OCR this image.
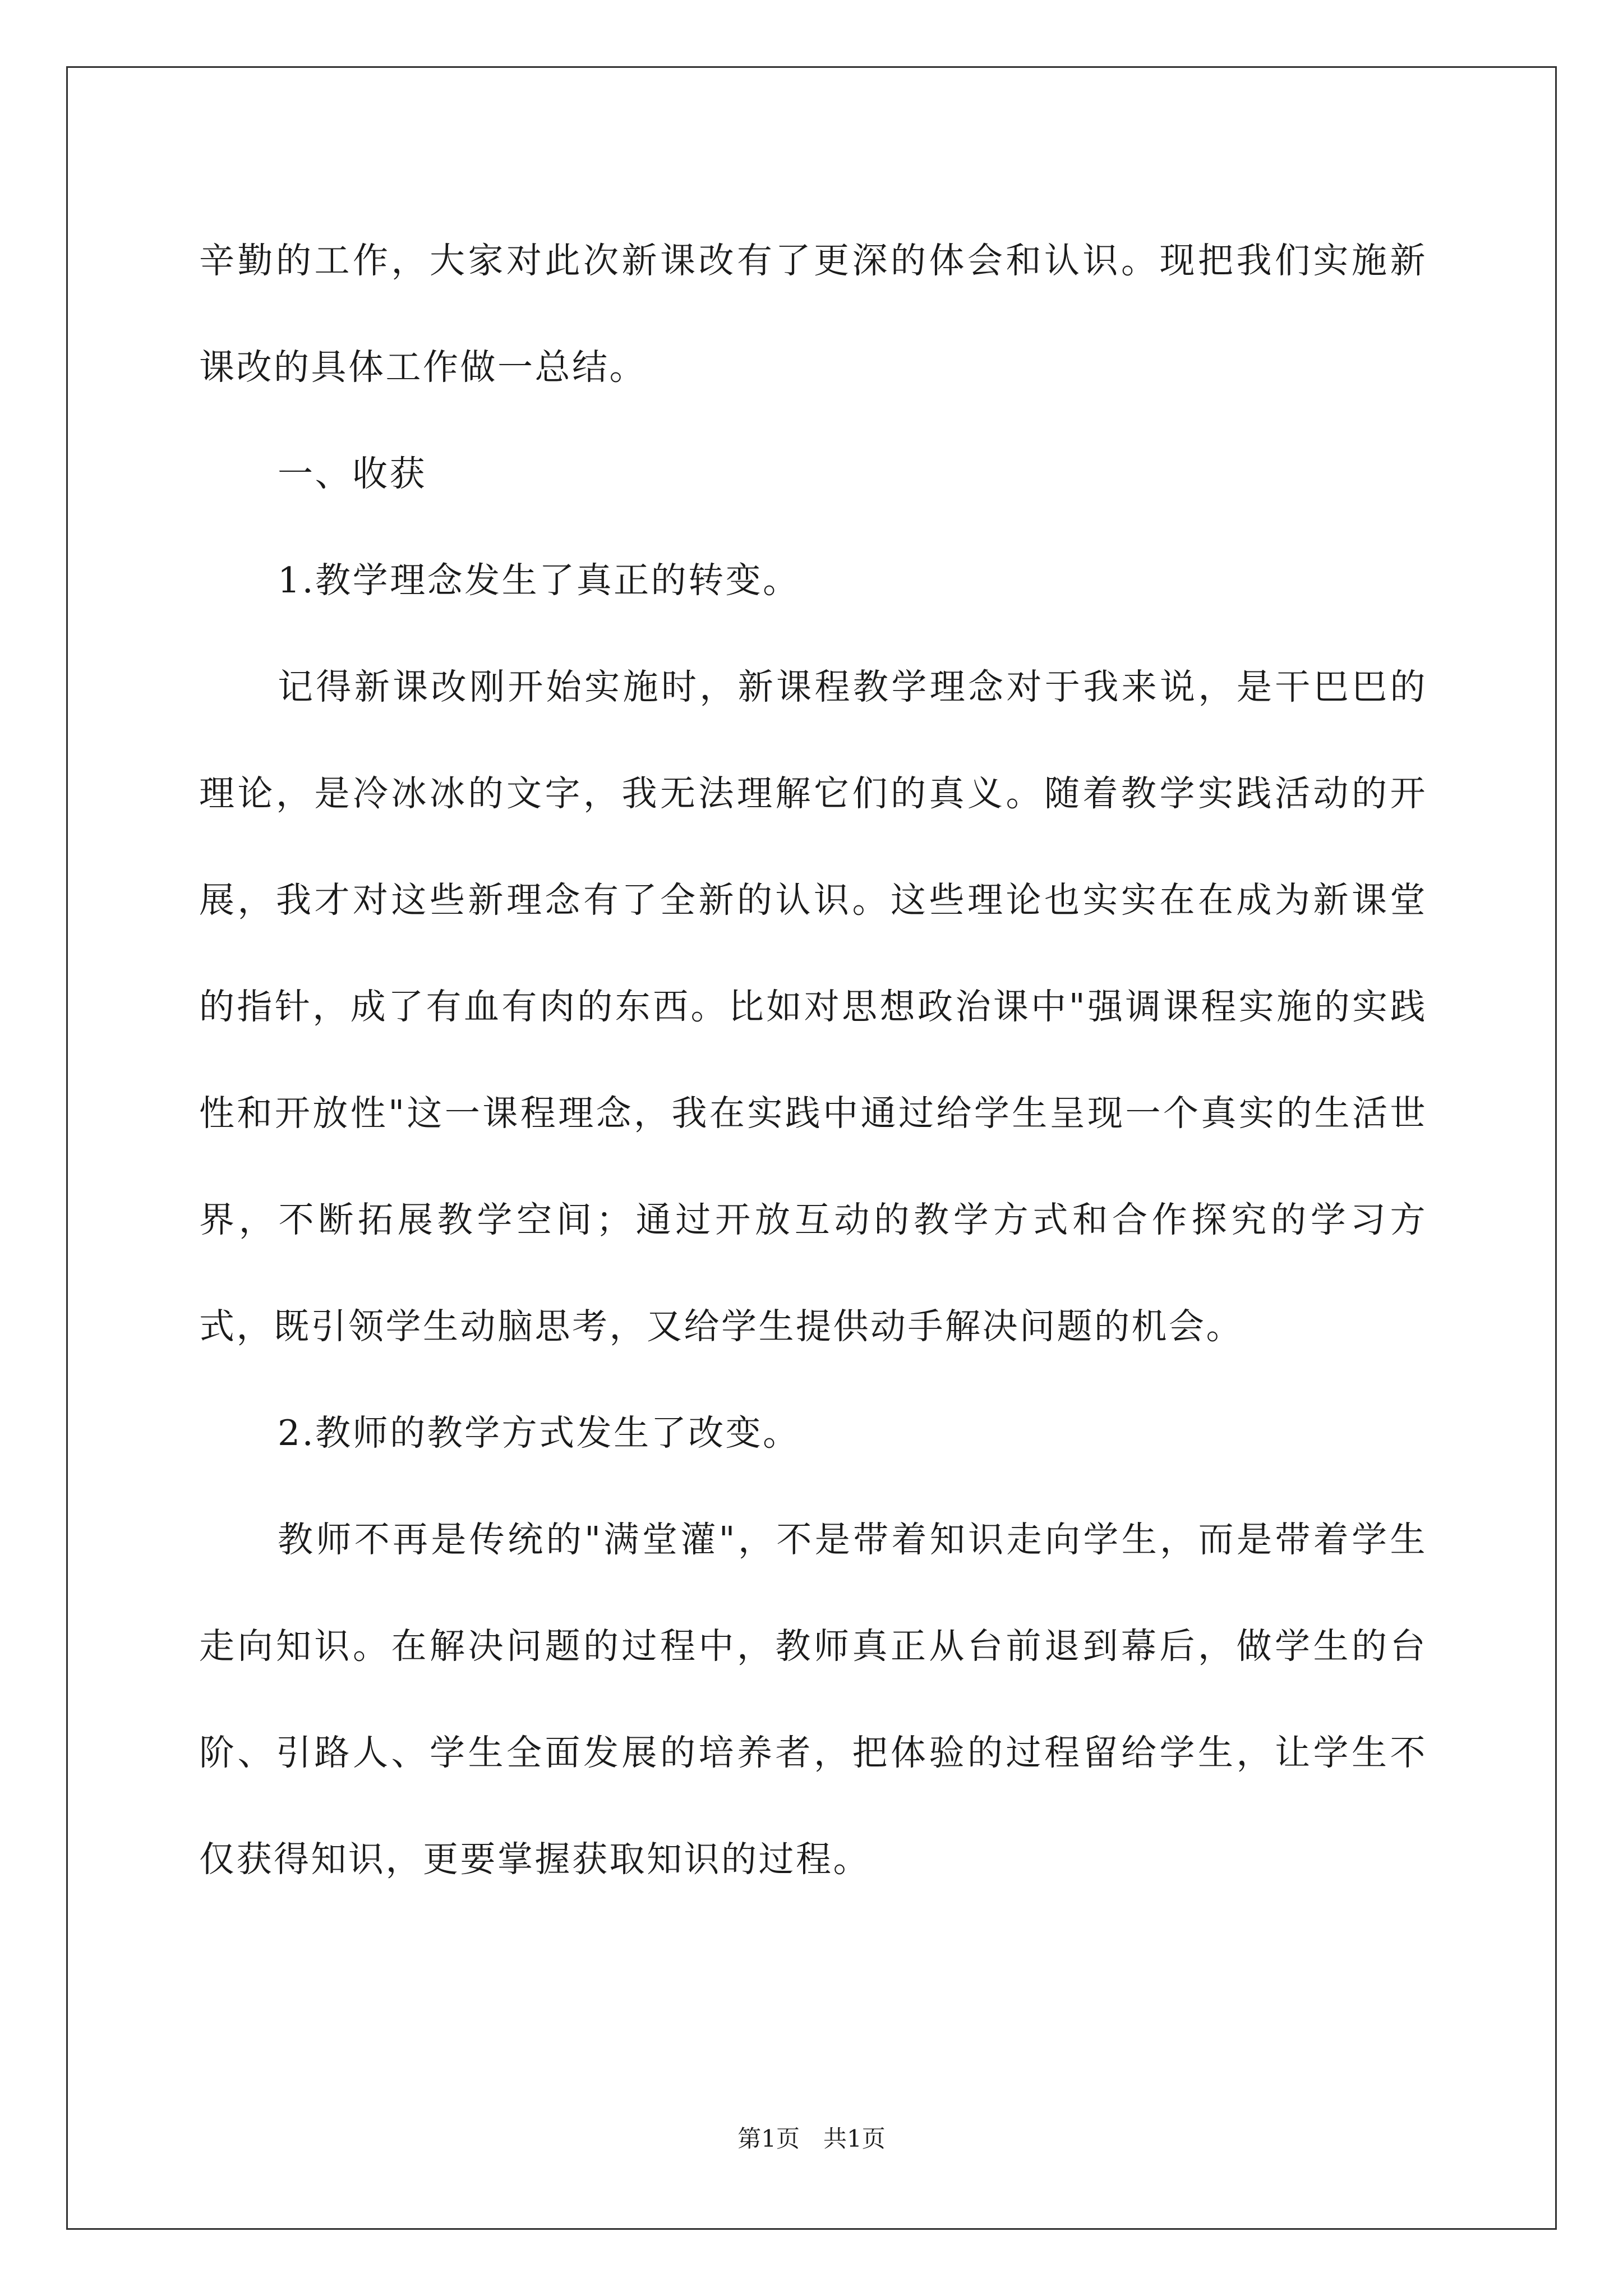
辛勤的工作，大家对此次新课改有了更深的体会和认识。现把我们实施新课改的具体工作做一总结。

一、收获

1.教学理念发生了真正的转变。

记得新课改刚开始实施时，新课程教学理念对于我来说，是干巴巴的理论，是冷冰冰的文字，我无法理解它们的真义。随着教学实践活动的开展，我才对这些新理念有了全新的认识。这些理论也实实在在成为新课堂的指针，成了有血有肉的东西。比如对思想政治课中"强调课程实施的实践性和开放性"这一课程理念，我在实践中通过给学生呈现一个真实的生活世界，不断拓展教学空间；通过开放互动的教学方式和合作探究的学习方式，既引领学生动脑思考，又给学生提供动手解决问题的机会。

2.教师的教学方式发生了改变。

教师不再是传统的"满堂灌"，不是带着知识走向学生，而是带着学生走向知识。在解决问题的过程中，教师真正从台前退到幕后，做学生的台阶、引路人、学生全面发展的培养者，把体验的过程留给学生，让学生不仅获得知识，更要掌握获取知识的过程。

第1页 共1页
